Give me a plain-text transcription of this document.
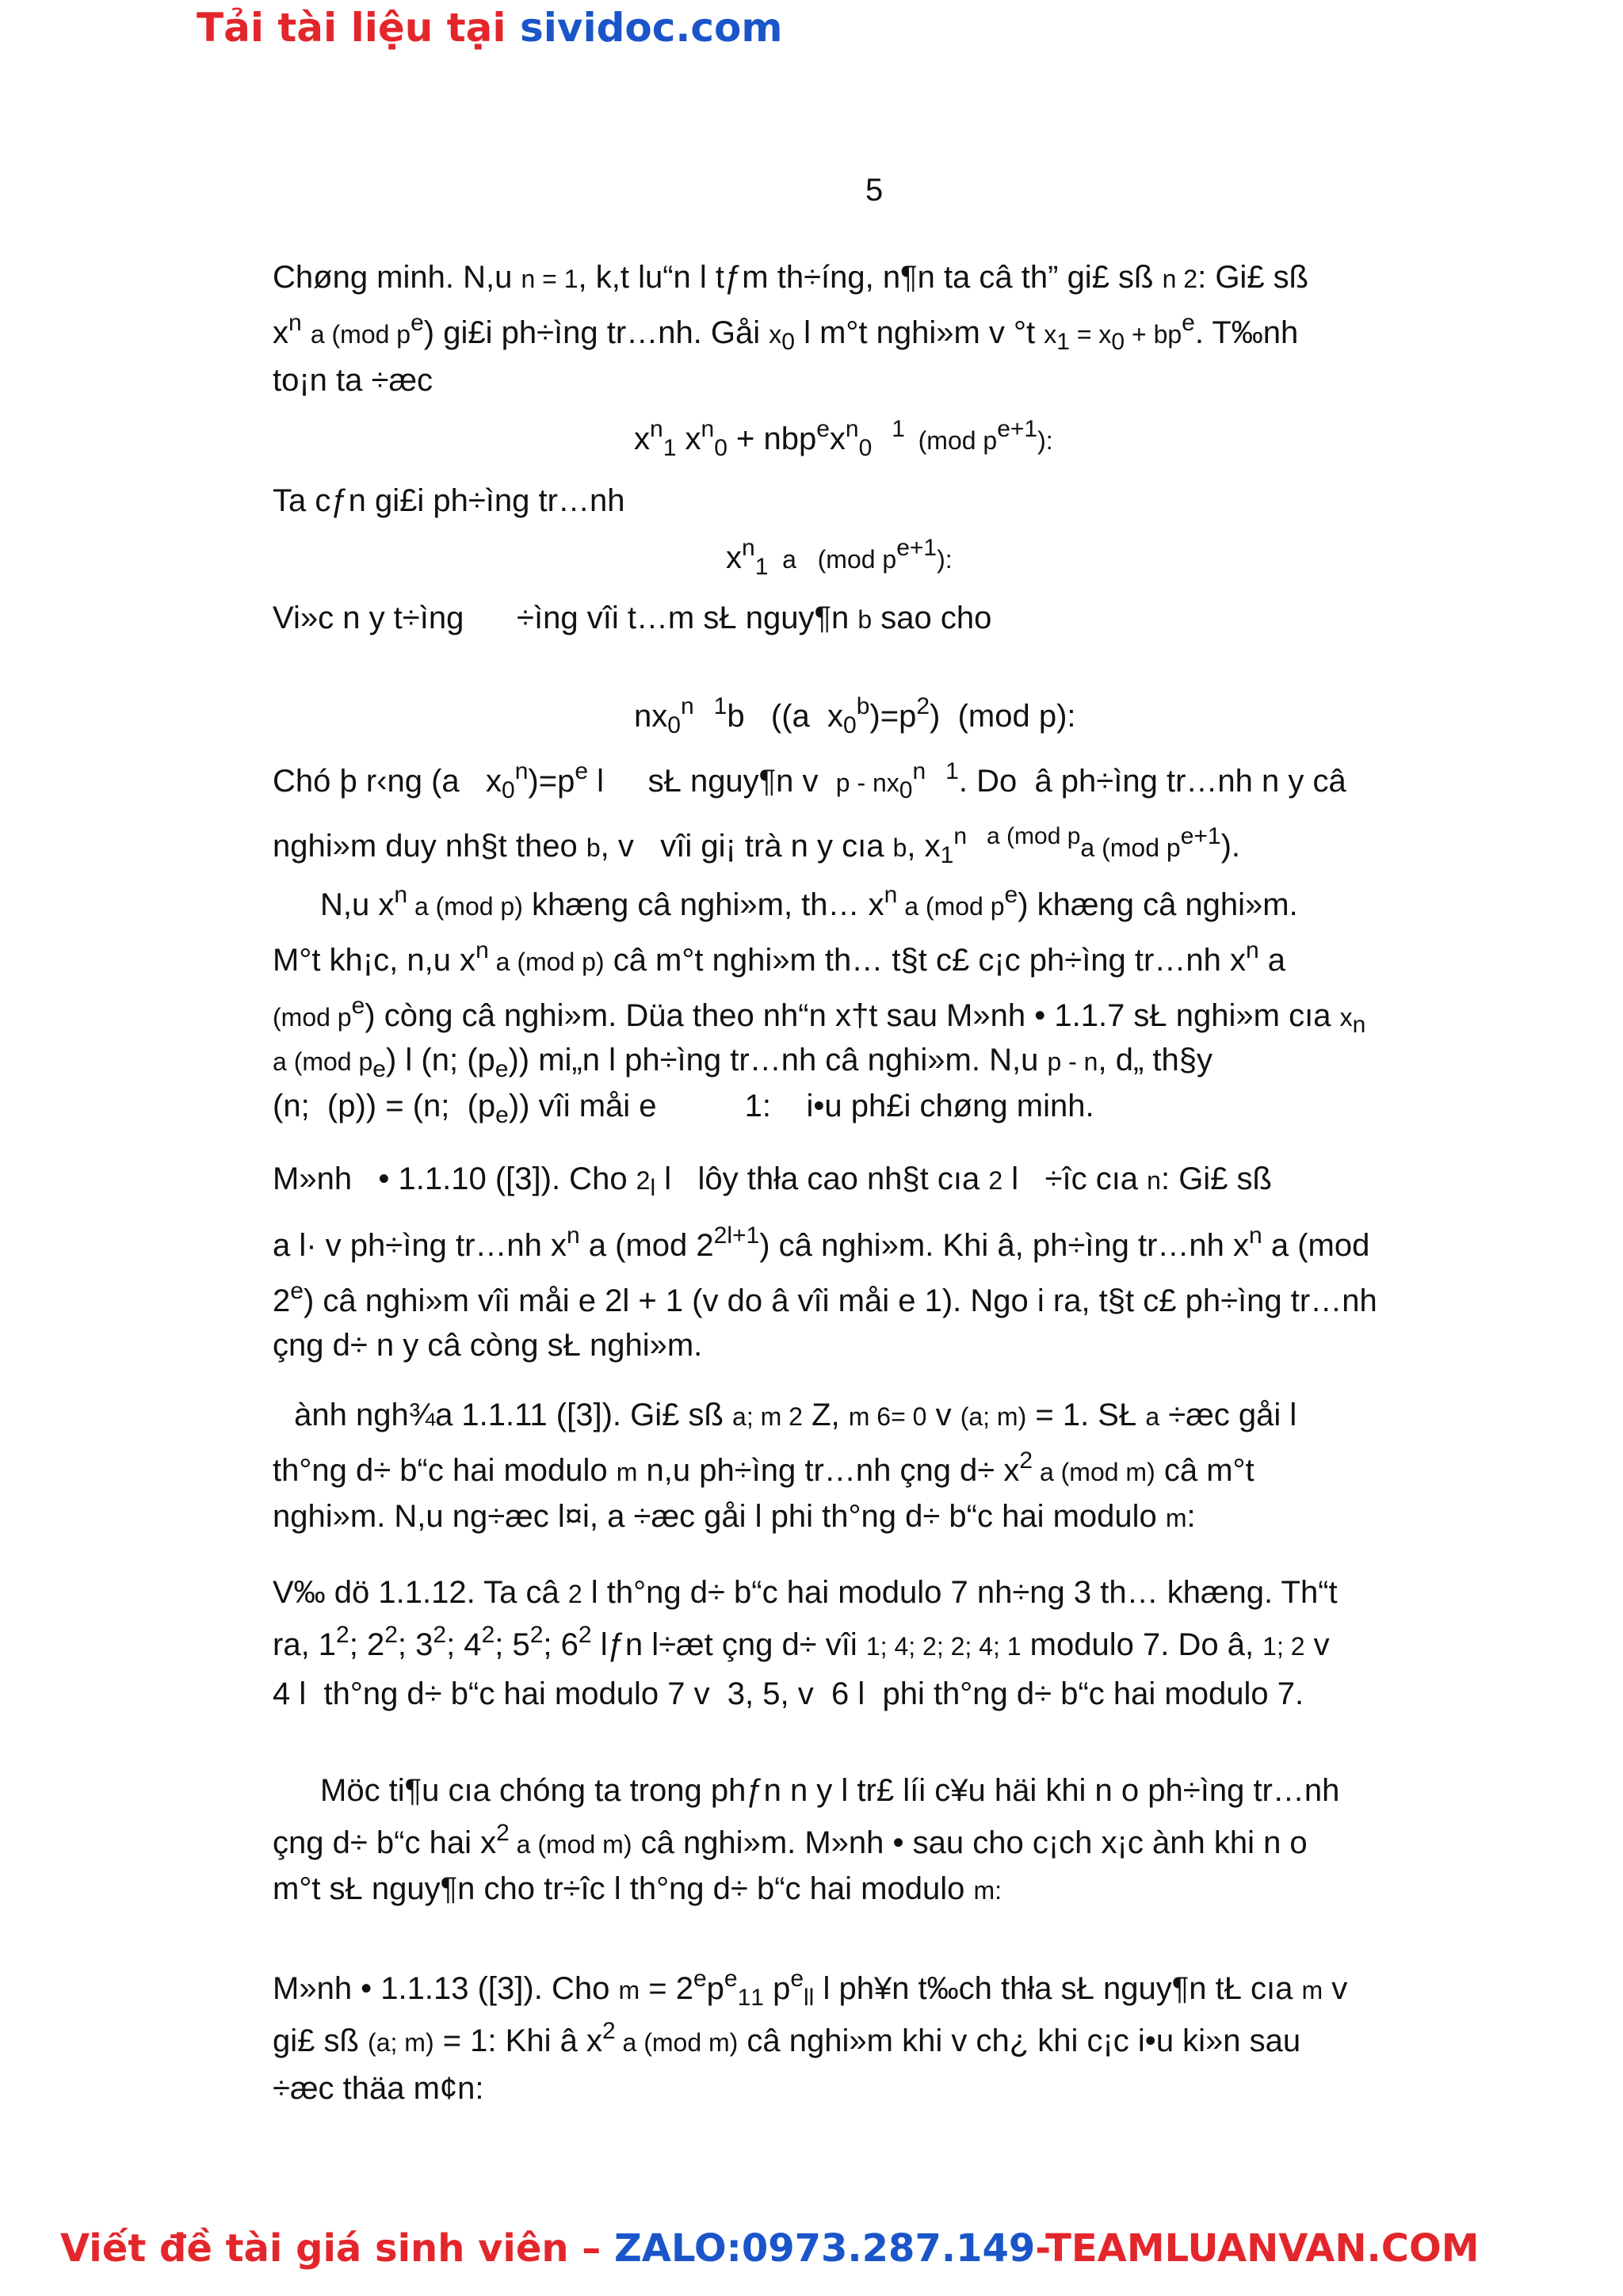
Tải tài liệu tại sividoc.com
5
Chøng minh. N,u n = 1, k,t lu“n l tƒm th÷íng, n¶n ta câ th” gi£ sß n 2: Gi£ sß
$x^n$ a (mod $p^e$) gi£i ph÷ìng tr…nh. Gåi $x_0$ l m°t nghi»m v °t $x_1 = x_0 + bp^e$. T‰nh
to¡n ta ÷æc
$x^n_1$ $x^n_0 + nbp^ex^n_0$   $^1$  (mod $p^{e+1}$):
Ta cƒn gi£i ph÷ìng tr…nh
$x^n_1$  a   (mod $p^{e+1}$):
Vi»c n y t÷ìng      ÷ìng vîi t…m sŁ nguy¶n b sao cho
$nx_0^n$   $^1$b   ((a  $x_0^b)=p^2$)  (mod p):
Chó þ r‹ng (a   $x_0^n)=p^e$ l     sŁ nguy¶n v  p - $nx_0^n$   $^1$. Do  â ph÷ìng tr…nh n y câ
nghi»m duy nh§t theo b, v   vîi gi¡ trà n y cıa b, $x_1^{n a (mod p}a$ (mod $p^{e+1}$).
N,u $x^n$ a (mod p) khæng câ nghi»m, th… $x^n$ a (mod $p^e$) khæng câ nghi»m.
M°t kh¡c, n,u $x^n$ a (mod p) câ m°t nghi»m th… t§t c£ c¡c ph÷ìng tr…nh $x^n$ a
(mod $p^e$) còng câ nghi»m. Düa theo nh“n x†t sau M»nh • 1.1.7 sŁ nghi»m cıa $x_n$
a (mod $p_e$) l (n; $(p_e)$) mi„n l ph÷ìng tr…nh câ nghi»m. N,u p - n, d„ th§y
(n;  (p)) = (n;  $(p_e)$) vîi måi e          1:    i•u ph£i chøng minh.
M»nh   • 1.1.10 ([3]). Cho $2_l$ l   lôy thła cao nh§t cıa 2 l   ÷îc cıa n: Gi£ sß
a l· v ph÷ìng tr…nh $x^n$ a (mod $2^{2l+1}$) câ nghi»m. Khi â, ph÷ìng tr…nh $x^n$ a (mod
2e) câ nghi»m vîi måi e 2l + 1 (v do â vîi måi e 1). Ngo i ra, t§t c£ ph÷ìng tr…nh
çng d÷ n y câ còng sŁ nghi»m.
ành ngh¾a 1.1.11 ([3]). Gi£ sß a; m 2 Z, m 6= 0 v (a; m) = 1. SŁ a ÷æc gåi l
th°ng d÷ b“c hai modulo m n,u ph÷ìng tr…nh çng $d\div x^2$ a (mod m) câ m°t
nghi»m. N,u ng÷æc l¤i, a ÷æc gåi l phi th°ng d÷ b“c hai modulo m:
V‰ dö 1.1.12. Ta câ 2 l th°ng d÷ b“c hai modulo 7 nh÷ng 3 th… khæng. Th“t
ra, $1^2$; $2^2$; $3^2$; $4^2$; $5^2$; $6^2$ lƒn l÷æt çng d÷ vîi 1; 4; 2; 2; 4; 1 modulo 7. Do â, 1; 2 v
4 l  th°ng d÷ b“c hai modulo 7 v  3, 5, v  6 l  phi th°ng d÷ b“c hai modulo 7.
Möc ti¶u cıa chóng ta trong phƒn n y l tr£ líi c¥u häi khi n o ph÷ìng tr…nh
çng d÷ b“c hai $x^2$ a (mod m) câ nghi»m. M»nh • sau cho c¡ch x¡c ành khi n o
m°t sŁ nguy¶n cho tr÷îc l th°ng d÷ b“c hai modulo m:
M»nh • 1.1.13 ([3]). Cho $m = 2^ep^e_{11}$ $p^e_{ll}$ l ph¥n t‰ch thła sŁ nguy¶n tŁ cıa m v
gi£ sß (a; m) = 1: Khi â $x^2$ a (mod m) câ nghi»m khi v ch¿ khi c¡c i•u ki»n sau
÷æc thäa m¢n:
Viết đề tài giá sinh viên – ZALO:0973.287.149-TEAMLUANVAN.COM
